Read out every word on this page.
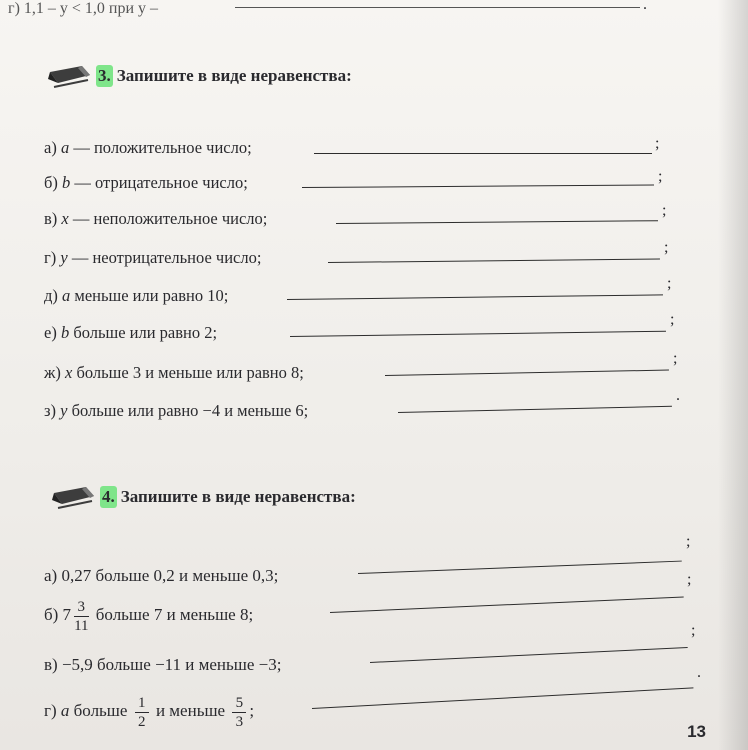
г) 1,1 – у < 1,0 при у –	.
3. Запишите в виде неравенства:
а) a — положительное число;	;
б) b — отрицательное число;	;
в) x — неположительное число;	;
г) y — неотрицательное число;
;
д) a меньше или равно 10;
;
е) b больше или равно 2;
;
ж) x больше 3 и меньше или равно 8;
;
з) y больше или равно −4 и меньше 6;
.
4. Запишите в виде неравенства:
а) 0,27 больше 0,2 и меньше 0,3;
;
б) $7 \frac{3}{11}$ больше 7 и меньше 8;
;
в) −5,9 больше −11 и меньше −3;
;
г) a больше $\frac{1}{2}$ и меньше $\frac{5}{3}$ ;
.
13
